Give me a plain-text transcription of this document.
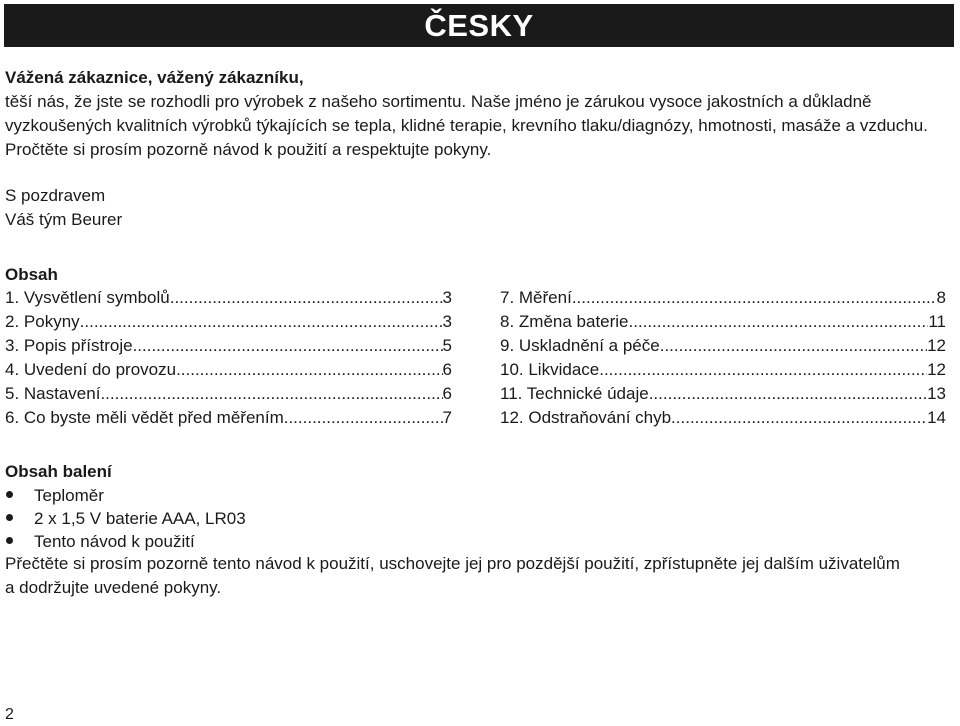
ČESKY

Vážená zákaznice, vážený zákazníku,

těší nás, že jste se rozhodli pro výrobek z našeho sortimentu. Naše jméno je zárukou vysoce jakostních a důkladně

vyzkoušených kvalitních výrobků týkajících se tepla, klidné terapie, krevního tlaku/diagnózy, hmotnosti, masáže a vzduchu.

Pročtěte si prosím pozorně návod k použití a respektujte pokyny.

S pozdravem

Váš tým Beurer

Obsah
1. Vysvětlení symbolů .....	3
2. Pokyny .....	3
3. Popis přístroje .....	5
4. Uvedení do provozu .....	6
5. Nastavení .....	6
6. Co byste měli vědět před měřením .....	7
7. Měření .....	8
8. Změna baterie .....	11
9. Uskladnění a péče .....	12
10. Likvidace .....	12
11. Technické údaje .....	13
12. Odstraňování chyb .....	14
Obsah balení
Teploměr
2 x 1,5 V baterie AAA, LR03
Tento návod k použití

Přečtěte si prosím pozorně tento návod k použití, uschovejte jej pro pozdější použití, zpřístupněte jej dalším uživatelům

a dodržujte uvedené pokyny.

2
